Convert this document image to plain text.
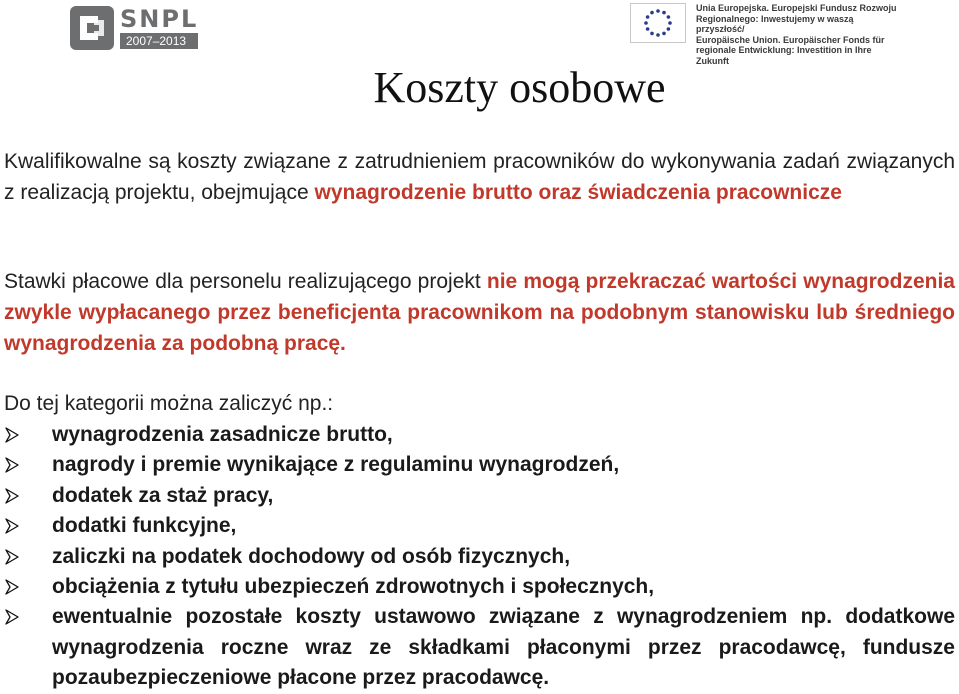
SNPL
2007–2013
Unia Europejska. Europejski Fundusz Rozwoju
Regionalnego: Inwestujemy w waszą przyszłość/
Europäische Union. Europäischer Fonds für
regionale Entwicklung: Investition in Ihre Zukunft
Koszty osobowe

Kwalifikowalne są koszty związane z zatrudnieniem pracowników do wykonywania zadań związanych z realizacją projektu, obejmujące wynagrodzenie brutto oraz świadczenia pracownicze

Stawki płacowe dla personelu realizującego projekt nie mogą przekraczać wartości wynagrodzenia zwykle wypłacanego przez beneficjenta pracownikom na podobnym stanowisku lub średniego wynagrodzenia za podobną pracę.

Do tej kategorii można zaliczyć np.:

wynagrodzenia zasadnicze brutto,
nagrody i premie wynikające z regulaminu wynagrodzeń,
dodatek za staż pracy,
dodatki funkcyjne,
zaliczki na podatek dochodowy od osób fizycznych,
obciążenia z tytułu ubezpieczeń zdrowotnych i społecznych,
ewentualnie pozostałe koszty ustawowo związane z wynagrodzeniem np. dodatkowe wynagrodzenia roczne wraz ze składkami płaconymi przez pracodawcę, fundusze pozaubezpieczeniowe płacone przez pracodawcę.
